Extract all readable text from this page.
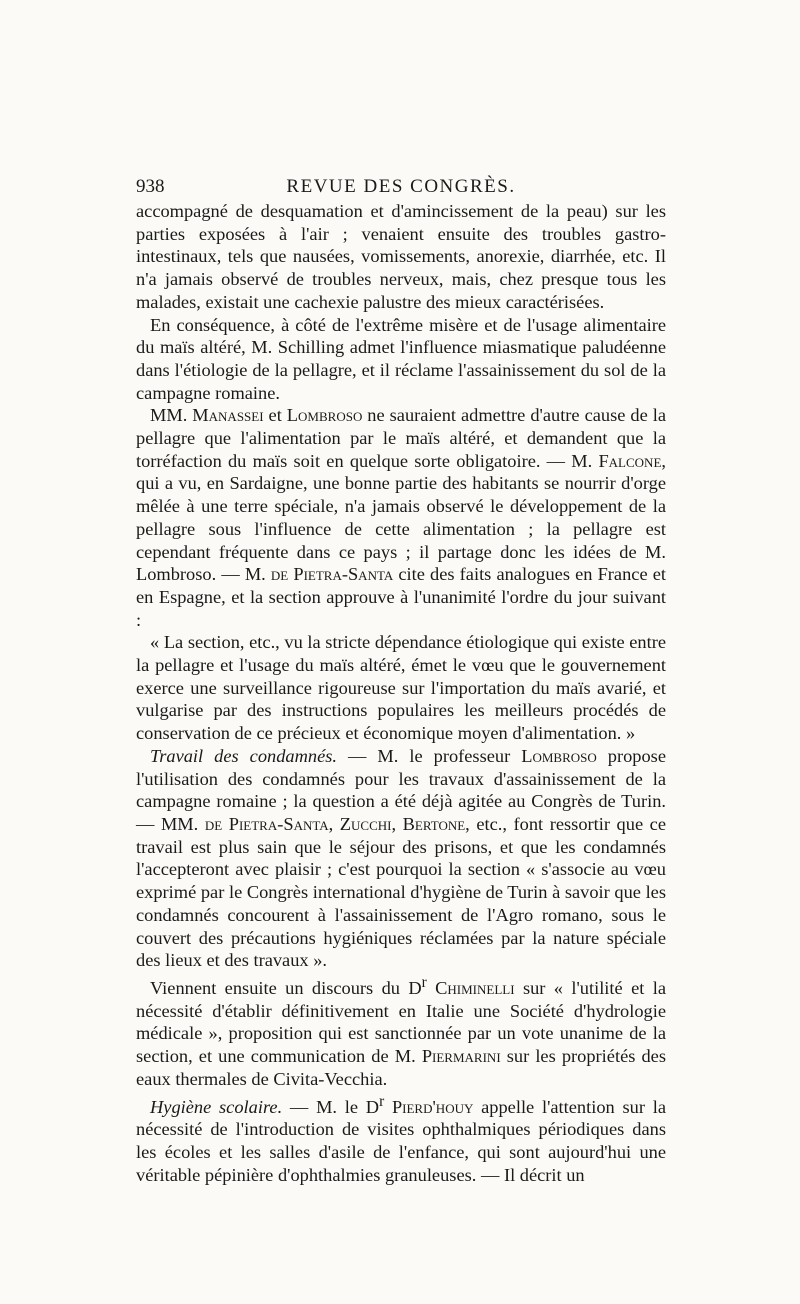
938	REVUE DES CONGRÈS.

accompagné de desquamation et d'amincissement de la peau) sur les parties exposées à l'air ; venaient ensuite des troubles gastro-intestinaux, tels que nausées, vomissements, anorexie, diarrhée, etc. Il n'a jamais observé de troubles nerveux, mais, chez presque tous les malades, existait une cachexie palustre des mieux caractérisées.

En conséquence, à côté de l'extrême misère et de l'usage alimentaire du maïs altéré, M. Schilling admet l'influence miasmatique paludéenne dans l'étiologie de la pellagre, et il réclame l'assainissement du sol de la campagne romaine.

MM. Manassei et Lombroso ne sauraient admettre d'autre cause de la pellagre que l'alimentation par le maïs altéré, et demandent que la torréfaction du maïs soit en quelque sorte obligatoire. — M. Falcone, qui a vu, en Sardaigne, une bonne partie des habitants se nourrir d'orge mêlée à une terre spéciale, n'a jamais observé le développement de la pellagre sous l'influence de cette alimentation ; la pellagre est cependant fréquente dans ce pays ; il partage donc les idées de M. Lombroso. — M. de Pietra-Santa cite des faits analogues en France et en Espagne, et la section approuve à l'unanimité l'ordre du jour suivant :

« La section, etc., vu la stricte dépendance étiologique qui existe entre la pellagre et l'usage du maïs altéré, émet le vœu que le gouvernement exerce une surveillance rigoureuse sur l'importation du maïs avarié, et vulgarise par des instructions populaires les meilleurs procédés de conservation de ce précieux et économique moyen d'alimentation. »

Travail des condamnés. — M. le professeur Lombroso propose l'utilisation des condamnés pour les travaux d'assainissement de la campagne romaine ; la question a été déjà agitée au Congrès de Turin. — MM. de Pietra-Santa, Zucchi, Bertone, etc., font ressortir que ce travail est plus sain que le séjour des prisons, et que les condamnés l'accepteront avec plaisir ; c'est pourquoi la section « s'associe au vœu exprimé par le Congrès international d'hygiène de Turin à savoir que les condamnés concourent à l'assainissement de l'Agro romano, sous le couvert des précautions hygiéniques réclamées par la nature spéciale des lieux et des travaux ».

Viennent ensuite un discours du $D^r$ Chiminelli sur « l'utilité et la nécessité d'établir définitivement en Italie une Société d'hydrologie médicale », proposition qui est sanctionnée par un vote unanime de la section, et une communication de M. Piermarini sur les propriétés des eaux thermales de Civita-Vecchia.

Hygiène scolaire. — M. le $D^r$ Pierd'houy appelle l'attention sur la nécessité de l'introduction de visites ophthalmiques périodiques dans les écoles et les salles d'asile de l'enfance, qui sont aujourd'hui une véritable pépinière d'ophthalmies granuleuses. — Il décrit un
